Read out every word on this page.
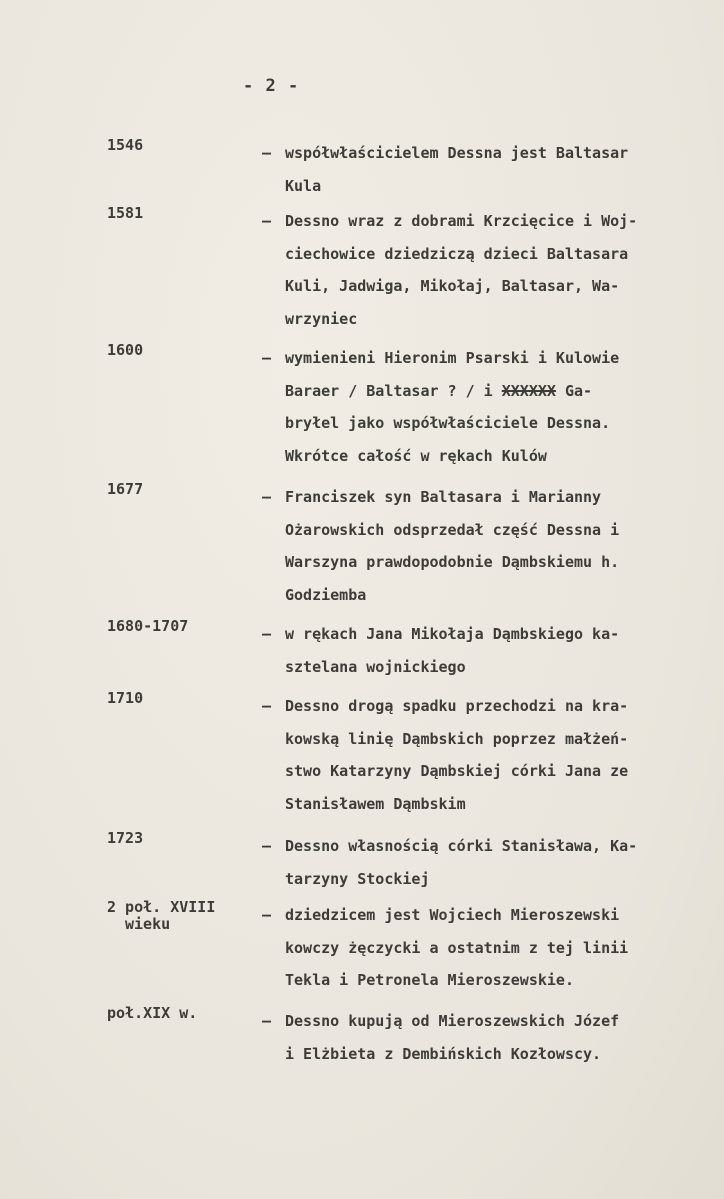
- 2 -
1546	– współwłaścicielem Dessna jest Baltasar
Kula
1581	– Dessno wraz z dobrami Krzcięcice i Woj-
ciechowice dziedziczą dzieci Baltasara
Kuli, Jadwiga, Mikołaj, Baltasar, Wa-
wrzyniec
1600	– wymienieni Hieronim Psarski i Kulowie
Baraer / Baltasar ? / i XXXXXX Ga-
bryłel jako współwłaściciele Dessna.
Wkrótce całość w rękach Kulów
1677	– Franciszek syn Baltasara i Marianny
Ożarowskich odsprzedał część Dessna i
Warszyna prawdopodobnie Dąmbskiemu h.
Godziemba
1680-1707	– w rękach Jana Mikołaja Dąmbskiego ka-
sztelana wojnickiego
1710	– Dessno drogą spadku przechodzi na kra-
kowską linię Dąmbskich poprzez małżeń-
stwo Katarzyny Dąmbskiej córki Jana ze
Stanisławem Dąmbskim
1723	– Dessno własnością córki Stanisława, Ka-
tarzyny Stockiej
2 poł. XVIII
wieku	– dziedzicem jest Wojciech Mieroszewski
kowczy żęczycki a ostatnim z tej linii
Tekla i Petronela Mieroszewskie.
poł.XIX w.	– Dessno kupują od Mieroszewskich Józef
i Elżbieta z Dembińskich Kozłowscy.
